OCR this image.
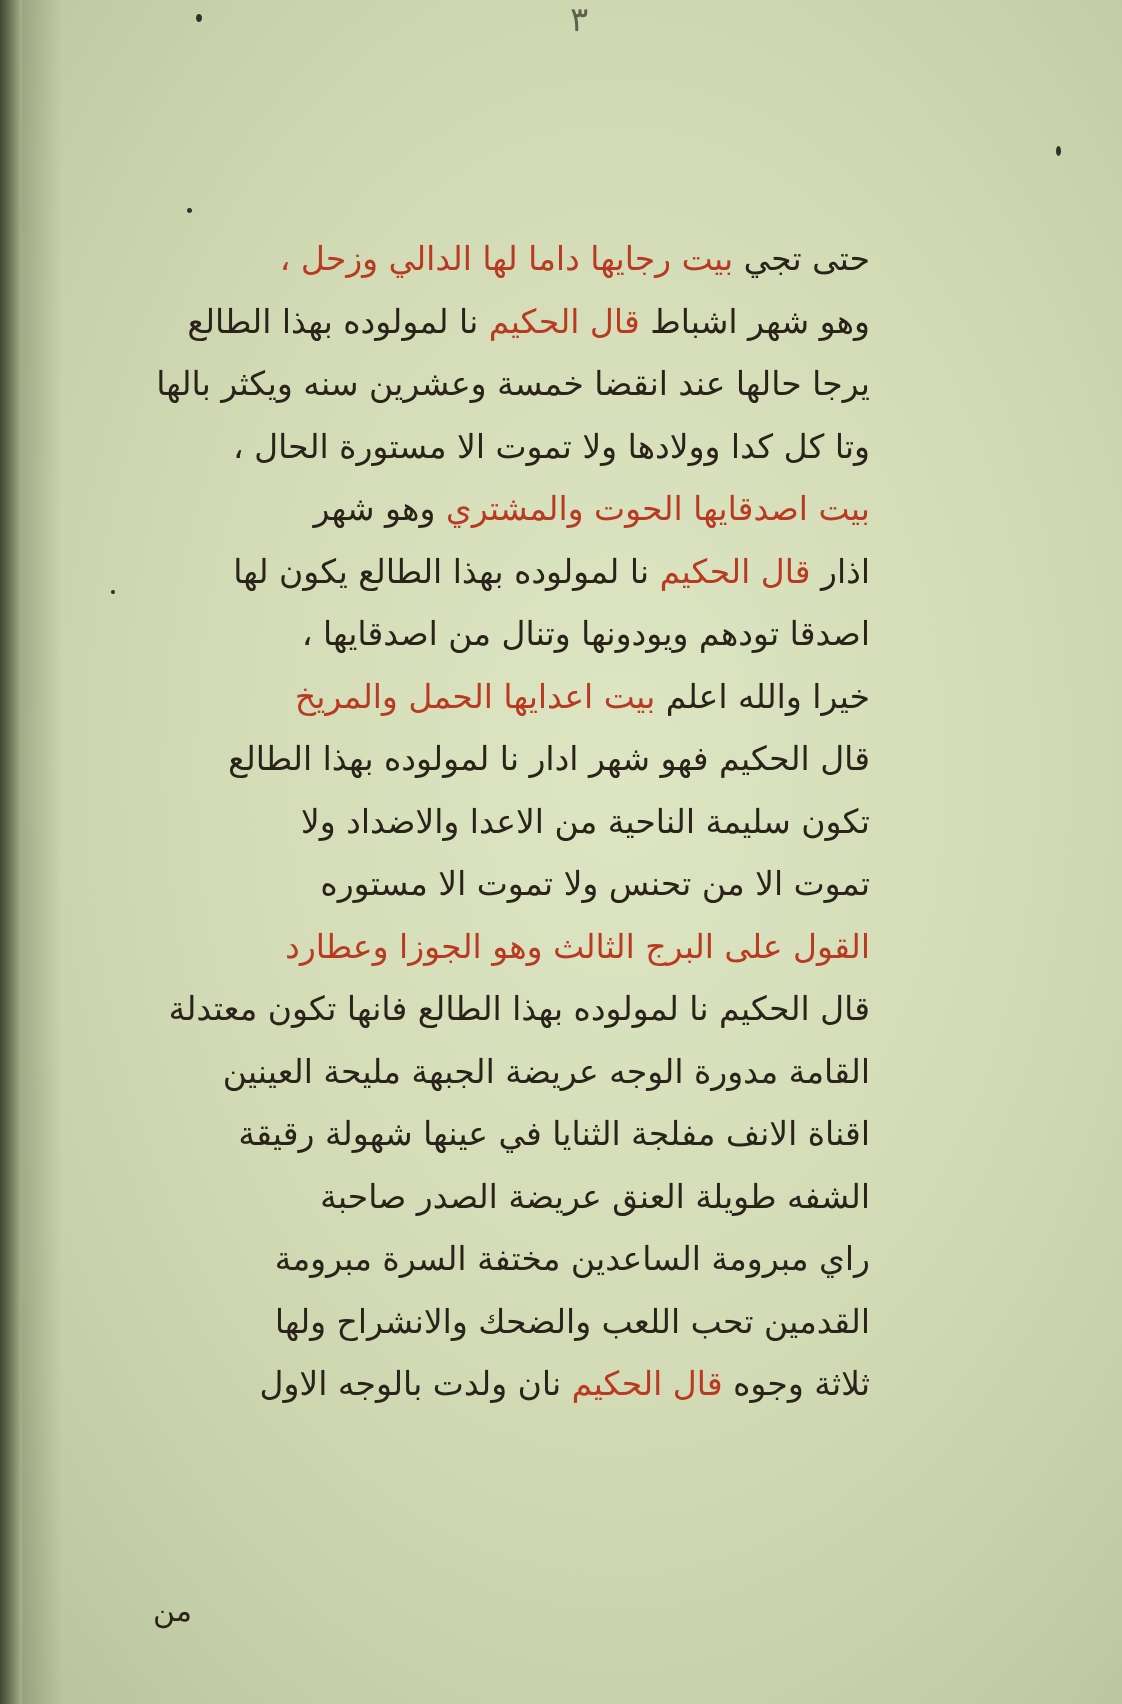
٣
حتى تجي بيت رجايها داما لها الدالي وزحل ،
وهو شهر اشباط قال الحكيم نا لمولوده بهذا الطالع
يرجا حالها عند انقضا خمسة وعشرين سنه ويكثر بالها
وتا كل كدا وولادها ولا تموت الا مستورة الحال ،
بيت اصدقايها الحوت والمشتري وهو شهر
اذار قال الحكيم نا لمولوده بهذا الطالع يكون لها
اصدقا تودهم ويودونها وتنال من اصدقايها ،
خيرا والله اعلم بيت اعدايها الحمل والمريخ
قال الحكيم فهو شهر ادار نا لمولوده بهذا الطالع
تكون سليمة الناحية من الاعدا والاضداد ولا
تموت الا من تحنس ولا تموت الا مستوره
القول على البرج الثالث وهو الجوزا وعطارد
قال الحكيم نا لمولوده بهذا الطالع فانها تكون معتدلة
القامة مدورة الوجه عريضة الجبهة مليحة العينين
اقناة الانف مفلجة الثنايا في عينها شهولة رقيقة
الشفه طويلة العنق عريضة الصدر صاحبة
راي مبرومة الساعدين مختفة السرة مبرومة
القدمين تحب اللعب والضحك والانشراح ولها
ثلاثة وجوه قال الحكيم نان ولدت بالوجه الاول
من
